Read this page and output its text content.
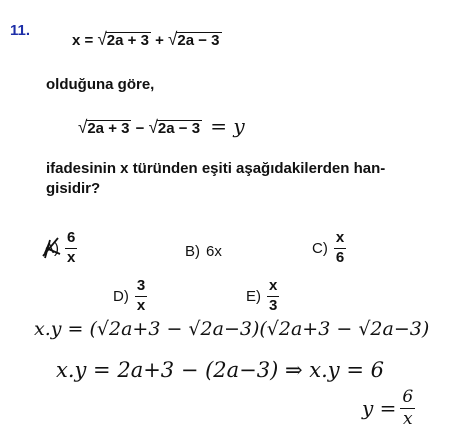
11.
x = √2a + 3 + √2a − 3
olduğuna göre,
√2a + 3 − √2a − 3 = y
ifadesinin x türünden eşiti aşağıdakilerden han-
gisidir?
$A) \frac{6}{x}$	B) 6x	$C) \frac{x}{6}$
$D) \frac{3}{x}$	$E) \frac{x}{3}$
x.y = (√2a+3 − √2a−3)(√2a+3 − √2a−3)
x.y = 2a+3 − (2a−3) ⇒ x.y = 6
$y = \frac{6}{x}$
